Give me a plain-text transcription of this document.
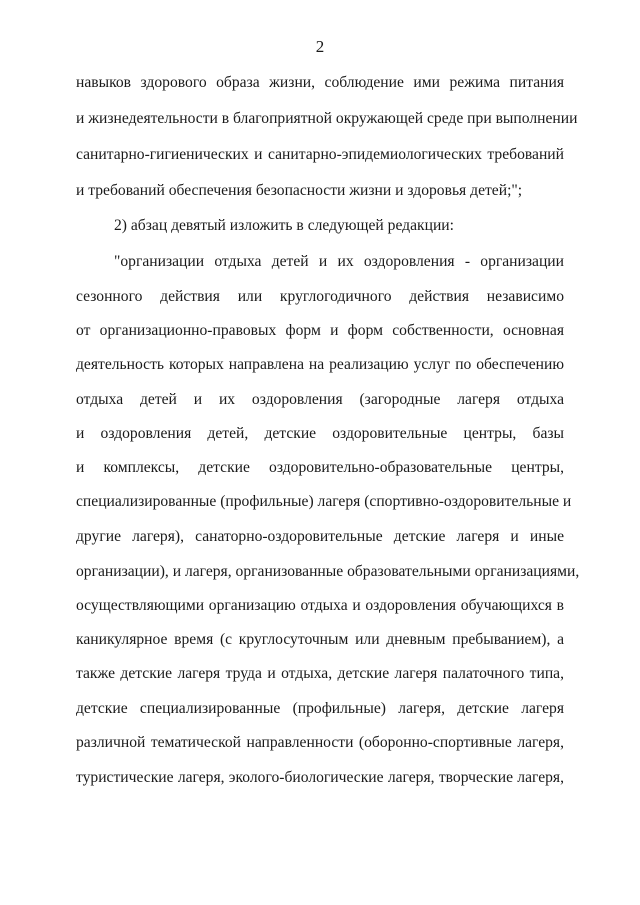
2
навыков здорового образа жизни, соблюдение ими режима питания
и жизнедеятельности в благоприятной окружающей среде при выполнении
санитарно-гигиенических и санитарно-эпидемиологических требований
и требований обеспечения безопасности жизни и здоровья детей;";
2) абзац девятый изложить в следующей редакции:
"организации отдыха детей и их оздоровления - организации
сезонного действия или круглогодичного действия независимо
от организационно-правовых форм и форм собственности, основная
деятельность которых направлена на реализацию услуг по обеспечению
отдыха детей и их оздоровления (загородные лагеря отдыха
и оздоровления детей, детские оздоровительные центры, базы
и комплексы, детские оздоровительно-образовательные центры,
специализированные (профильные) лагеря (спортивно-оздоровительные и
другие лагеря), санаторно-оздоровительные детские лагеря и иные
организации), и лагеря, организованные образовательными организациями,
осуществляющими организацию отдыха и оздоровления обучающихся в
каникулярное время (с круглосуточным или дневным пребыванием), а
также детские лагеря труда и отдыха, детские лагеря палаточного типа,
детские специализированные (профильные) лагеря, детские лагеря
различной тематической направленности (оборонно-спортивные лагеря,
туристические лагеря, эколого-биологические лагеря, творческие лагеря,
